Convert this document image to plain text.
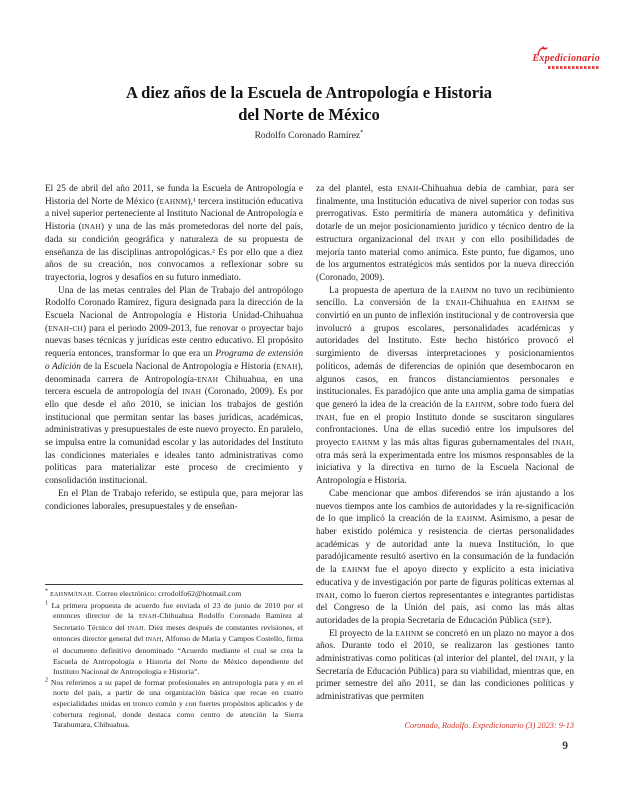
Expedicionario
A diez años de la Escuela de Antropología e Historia
del Norte de México
Rodolfo Coronado Ramírez*

El 25 de abril del año 2011, se funda la Escuela de Antropología e Historia del Norte de México (EAHNM),¹ tercera institución educativa a nivel superior perteneciente al Instituto Nacional de Antropología e Historia (INAH) y una de las más prometedoras del norte del país, dada su condición geográfica y naturaleza de su propuesta de enseñanza de las disciplinas antropológicas.² Es por ello que a diez años de su creación, nos convocamos a reflexionar sobre su trayectoria, logros y desafíos en su futuro inmediato.

Una de las metas centrales del Plan de Trabajo del antropólogo Rodolfo Coronado Ramírez, figura designada para la dirección de la Escuela Nacional de Antropología e Historia Unidad-Chihuahua (ENAH-CH) para el periodo 2009-2013, fue renovar o proyectar bajo nuevas bases técnicas y jurídicas este centro educativo. El propósito requería entonces, transformar lo que era un Programa de extensión o Adición de la Escuela Nacional de Antropología e Historia (ENAH), denominada carrera de Antropología-ENAH Chihuahua, en una tercera escuela de antropología del INAH (Coronado, 2009). Es por ello que desde el año 2010, se inician los trabajos de gestión institucional que permitan sentar las bases jurídicas, académicas, administrativas y presupuestales de este nuevo proyecto. En paralelo, se impulsa entre la comunidad escolar y las autoridades del Instituto las condiciones materiales e ideales tanto administrativas como políticas para materializar este proceso de crecimiento y consolidación institucional.

En el Plan de Trabajo referido, se estipula que, para mejorar las condiciones laborales, presupuestales y de enseñan-

za del plantel, esta ENAH-Chihuahua debía de cambiar, para ser finalmente, una Institución educativa de nivel superior con todas sus prerrogativas. Esto permitiría de manera automática y definitiva dotarle de un mejor posicionamiento jurídico y técnico dentro de la estructura organizacional del INAH y con ello posibilidades de mejoría tanto material como anímica. Este punto, fue digamos, uno de los argumentos estratégicos más sentidos por la nueva dirección (Coronado, 2009).

La propuesta de apertura de la EAHNM no tuvo un recibimiento sencillo. La conversión de la ENAH-Chihuahua en EAHNM se convirtió en un punto de inflexión institucional y de controversia que involucró a grupos escolares, personalidades académicas y autoridades del Instituto. Este hecho histórico provocó el surgimiento de diversas interpretaciones y posicionamientos políticos, además de diferencias de opinión que desembocaron en algunos casos, en francos distanciamientos personales e institucionales. Es paradójico que ante una amplia gama de simpatías que generó la idea de la creación de la EAHNM, sobre todo fuera del INAH, fue en el propio Instituto donde se suscitaron singulares confrontaciones. Una de ellas sucedió entre los impulsores del proyecto EAHNM y las más altas figuras gubernamentales del INAH, otra más será la experimentada entre los mismos responsables de la iniciativa y la directiva en turno de la Escuela Nacional de Antropología e Historia.

Cabe mencionar que ambos diferendos se irán ajustando a los nuevos tiempos ante los cambios de autoridades y la re-significación de lo que implicó la creación de la EAHNM. Asimismo, a pesar de haber existido polémica y resistencia de ciertas personalidades académicas y de autoridad ante la nueva Institución, lo que paradójicamente resultó asertivo en la consumación de la fundación de la EAHNM fue el apoyo directo y explícito a esta iniciativa educativa y de investigación por parte de figuras políticas externas al INAH, como lo fueron ciertos representantes e integrantes partidistas del Congreso de la Unión del país, así como las más altas autoridades de la propia Secretaría de Educación Pública (SEP).

El proyecto de la EAHNM se concretó en un plazo no mayor a dos años. Durante todo el 2010, se realizaron las gestiones tanto administrativas como políticas (al interior del plantel, del INAH, y la Secretaría de Educación Pública) para su viabilidad, mientras que, en primer semestre del año 2011, se dan las condiciones políticas y administrativas que permiten

* EAHNM/INAH. Correo electrónico: crrodolfo62@hotmail.com

$^1$ La primera propuesta de acuerdo fue enviada el 23 de junio de 2010 por el entonces director de la ENAH-Chihuahua Rodolfo Coronado Ramírez al Secretario Técnico del INAH. Diez meses después de constantes revisiones, el entonces director general del INAH, Alfonso de Maria y Campos Costello, firma el documento definitivo denominado “Acuerdo mediante el cual se crea la Escuela de Antropología e Historia del Norte de México dependiente del Instituto Nacional de Antropología e Historia”.

$^2$ Nos referimos a su papel de formar profesionales en antropología para y en el norte del país, a partir de una organización básica que recae en cuatro especialidades unidas en tronco común y con fuertes propósitos aplicados y de cobertura regional, donde destaca como centro de atención la Sierra Tarahumara, Chihuahua.	Coronado, Rodolfo. Expedicionario (3) 2023: 9-13
9
